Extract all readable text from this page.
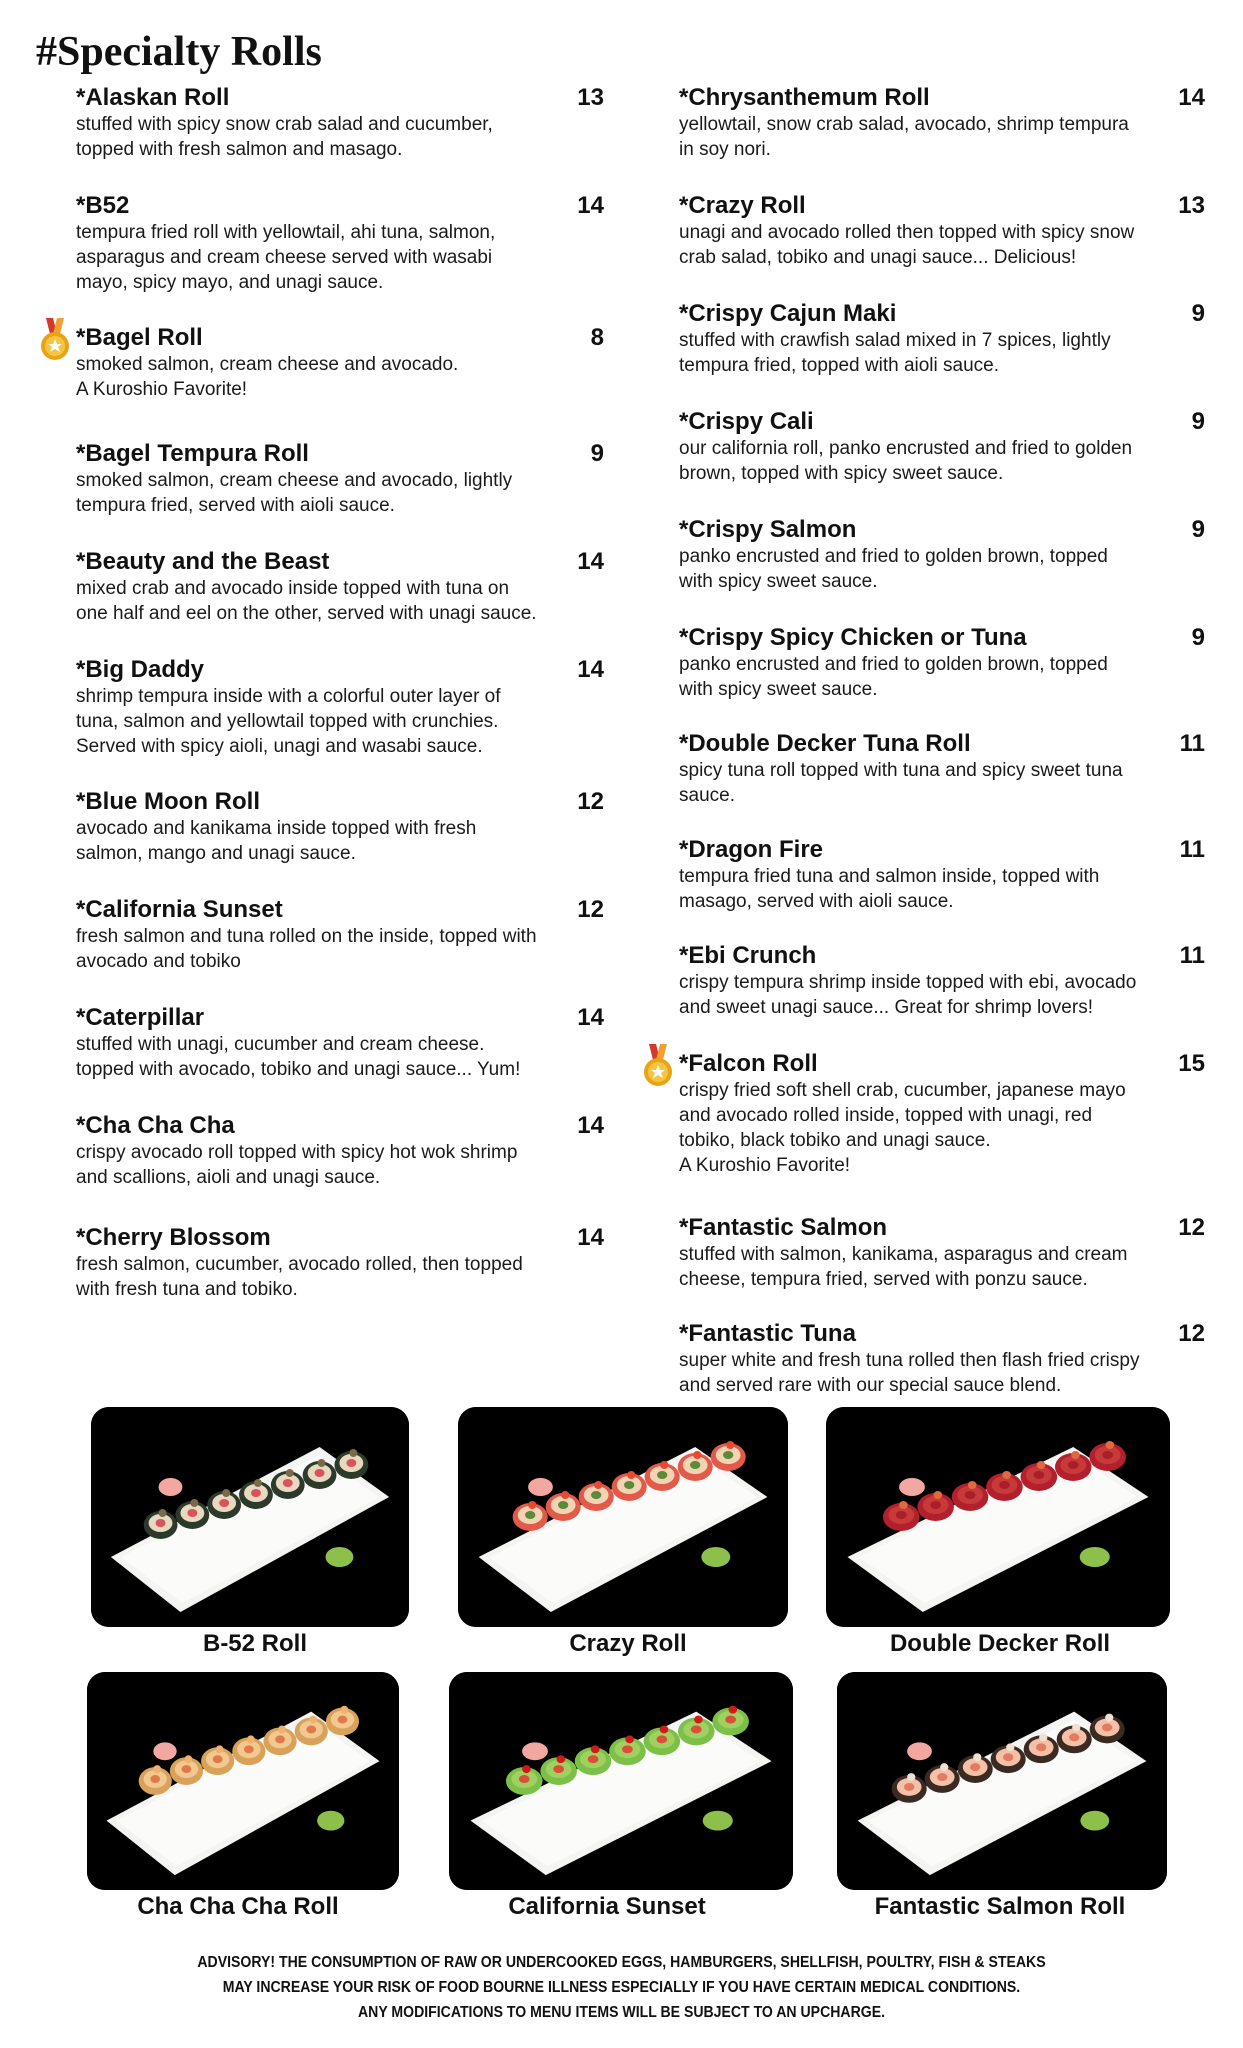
#Specialty Rolls
*Alaskan Roll	13
stuffed with spicy snow crab salad and cucumber,
topped with fresh salmon and masago.
*B52	14
tempura fried roll with yellowtail, ahi tuna, salmon,
asparagus and cream cheese served with wasabi
mayo, spicy mayo, and unagi sauce.
*Bagel Roll	8
smoked salmon, cream cheese and avocado.
A Kuroshio Favorite!
*Bagel Tempura Roll	9
smoked salmon, cream cheese and avocado, lightly
tempura fried, served with aioli sauce.
*Beauty and the Beast	14
mixed crab and avocado inside topped with tuna on
one half and eel on the other, served with unagi sauce.
*Big Daddy	14
shrimp tempura inside with a colorful outer layer of
tuna, salmon and yellowtail topped with crunchies.
Served with spicy aioli, unagi and wasabi sauce.
*Blue Moon Roll	12
avocado and kanikama inside topped with fresh
salmon, mango and unagi sauce.
*California Sunset	12
fresh salmon and tuna rolled on the inside, topped with
avocado and tobiko
*Caterpillar	14
stuffed with unagi, cucumber and cream cheese.
topped with avocado, tobiko and unagi sauce... Yum!
*Cha Cha Cha	14
crispy avocado roll topped with spicy hot wok shrimp
and scallions, aioli and unagi sauce.
*Cherry Blossom	14
fresh salmon, cucumber, avocado rolled, then topped
with fresh tuna and tobiko.
*Chrysanthemum Roll	14
yellowtail, snow crab salad, avocado, shrimp tempura
in soy nori.
*Crazy Roll	13
unagi and avocado rolled then topped with spicy snow
crab salad, tobiko and unagi sauce... Delicious!
*Crispy Cajun Maki	9
stuffed with crawfish salad mixed in 7 spices, lightly
tempura fried, topped with aioli sauce.
*Crispy Cali	9
our california roll, panko encrusted and fried to golden
brown, topped with spicy sweet sauce.
*Crispy Salmon	9
panko encrusted and fried to golden brown, topped
with spicy sweet sauce.
*Crispy Spicy Chicken or Tuna	9
panko encrusted and fried to golden brown, topped
with spicy sweet sauce.
*Double Decker Tuna Roll	11
spicy tuna roll topped with tuna and spicy sweet tuna
sauce.
*Dragon Fire	11
tempura fried tuna and salmon inside, topped with
masago, served with aioli sauce.
*Ebi Crunch	11
crispy tempura shrimp inside topped with ebi, avocado
and sweet unagi sauce... Great for shrimp lovers!
*Falcon Roll	15
crispy fried soft shell crab, cucumber, japanese mayo
and avocado rolled inside, topped with unagi, red
tobiko, black tobiko and unagi sauce.
A Kuroshio Favorite!
*Fantastic Salmon	12
stuffed with salmon, kanikama, asparagus and cream
cheese, tempura fried, served with ponzu sauce.
*Fantastic Tuna	12
super white and fresh tuna rolled then flash fried crispy
and served rare with our special sauce blend.
B-52 Roll	Crazy Roll	Double Decker Roll
Cha Cha Cha Roll	California Sunset	Fantastic Salmon Roll
ADVISORY! THE CONSUMPTION OF RAW OR UNDERCOOKED EGGS, HAMBURGERS, SHELLFISH, POULTRY, FISH & STEAKS
MAY INCREASE YOUR RISK OF FOOD BOURNE ILLNESS ESPECIALLY IF YOU HAVE CERTAIN MEDICAL CONDITIONS.
ANY MODIFICATIONS TO MENU ITEMS WILL BE SUBJECT TO AN UPCHARGE.
